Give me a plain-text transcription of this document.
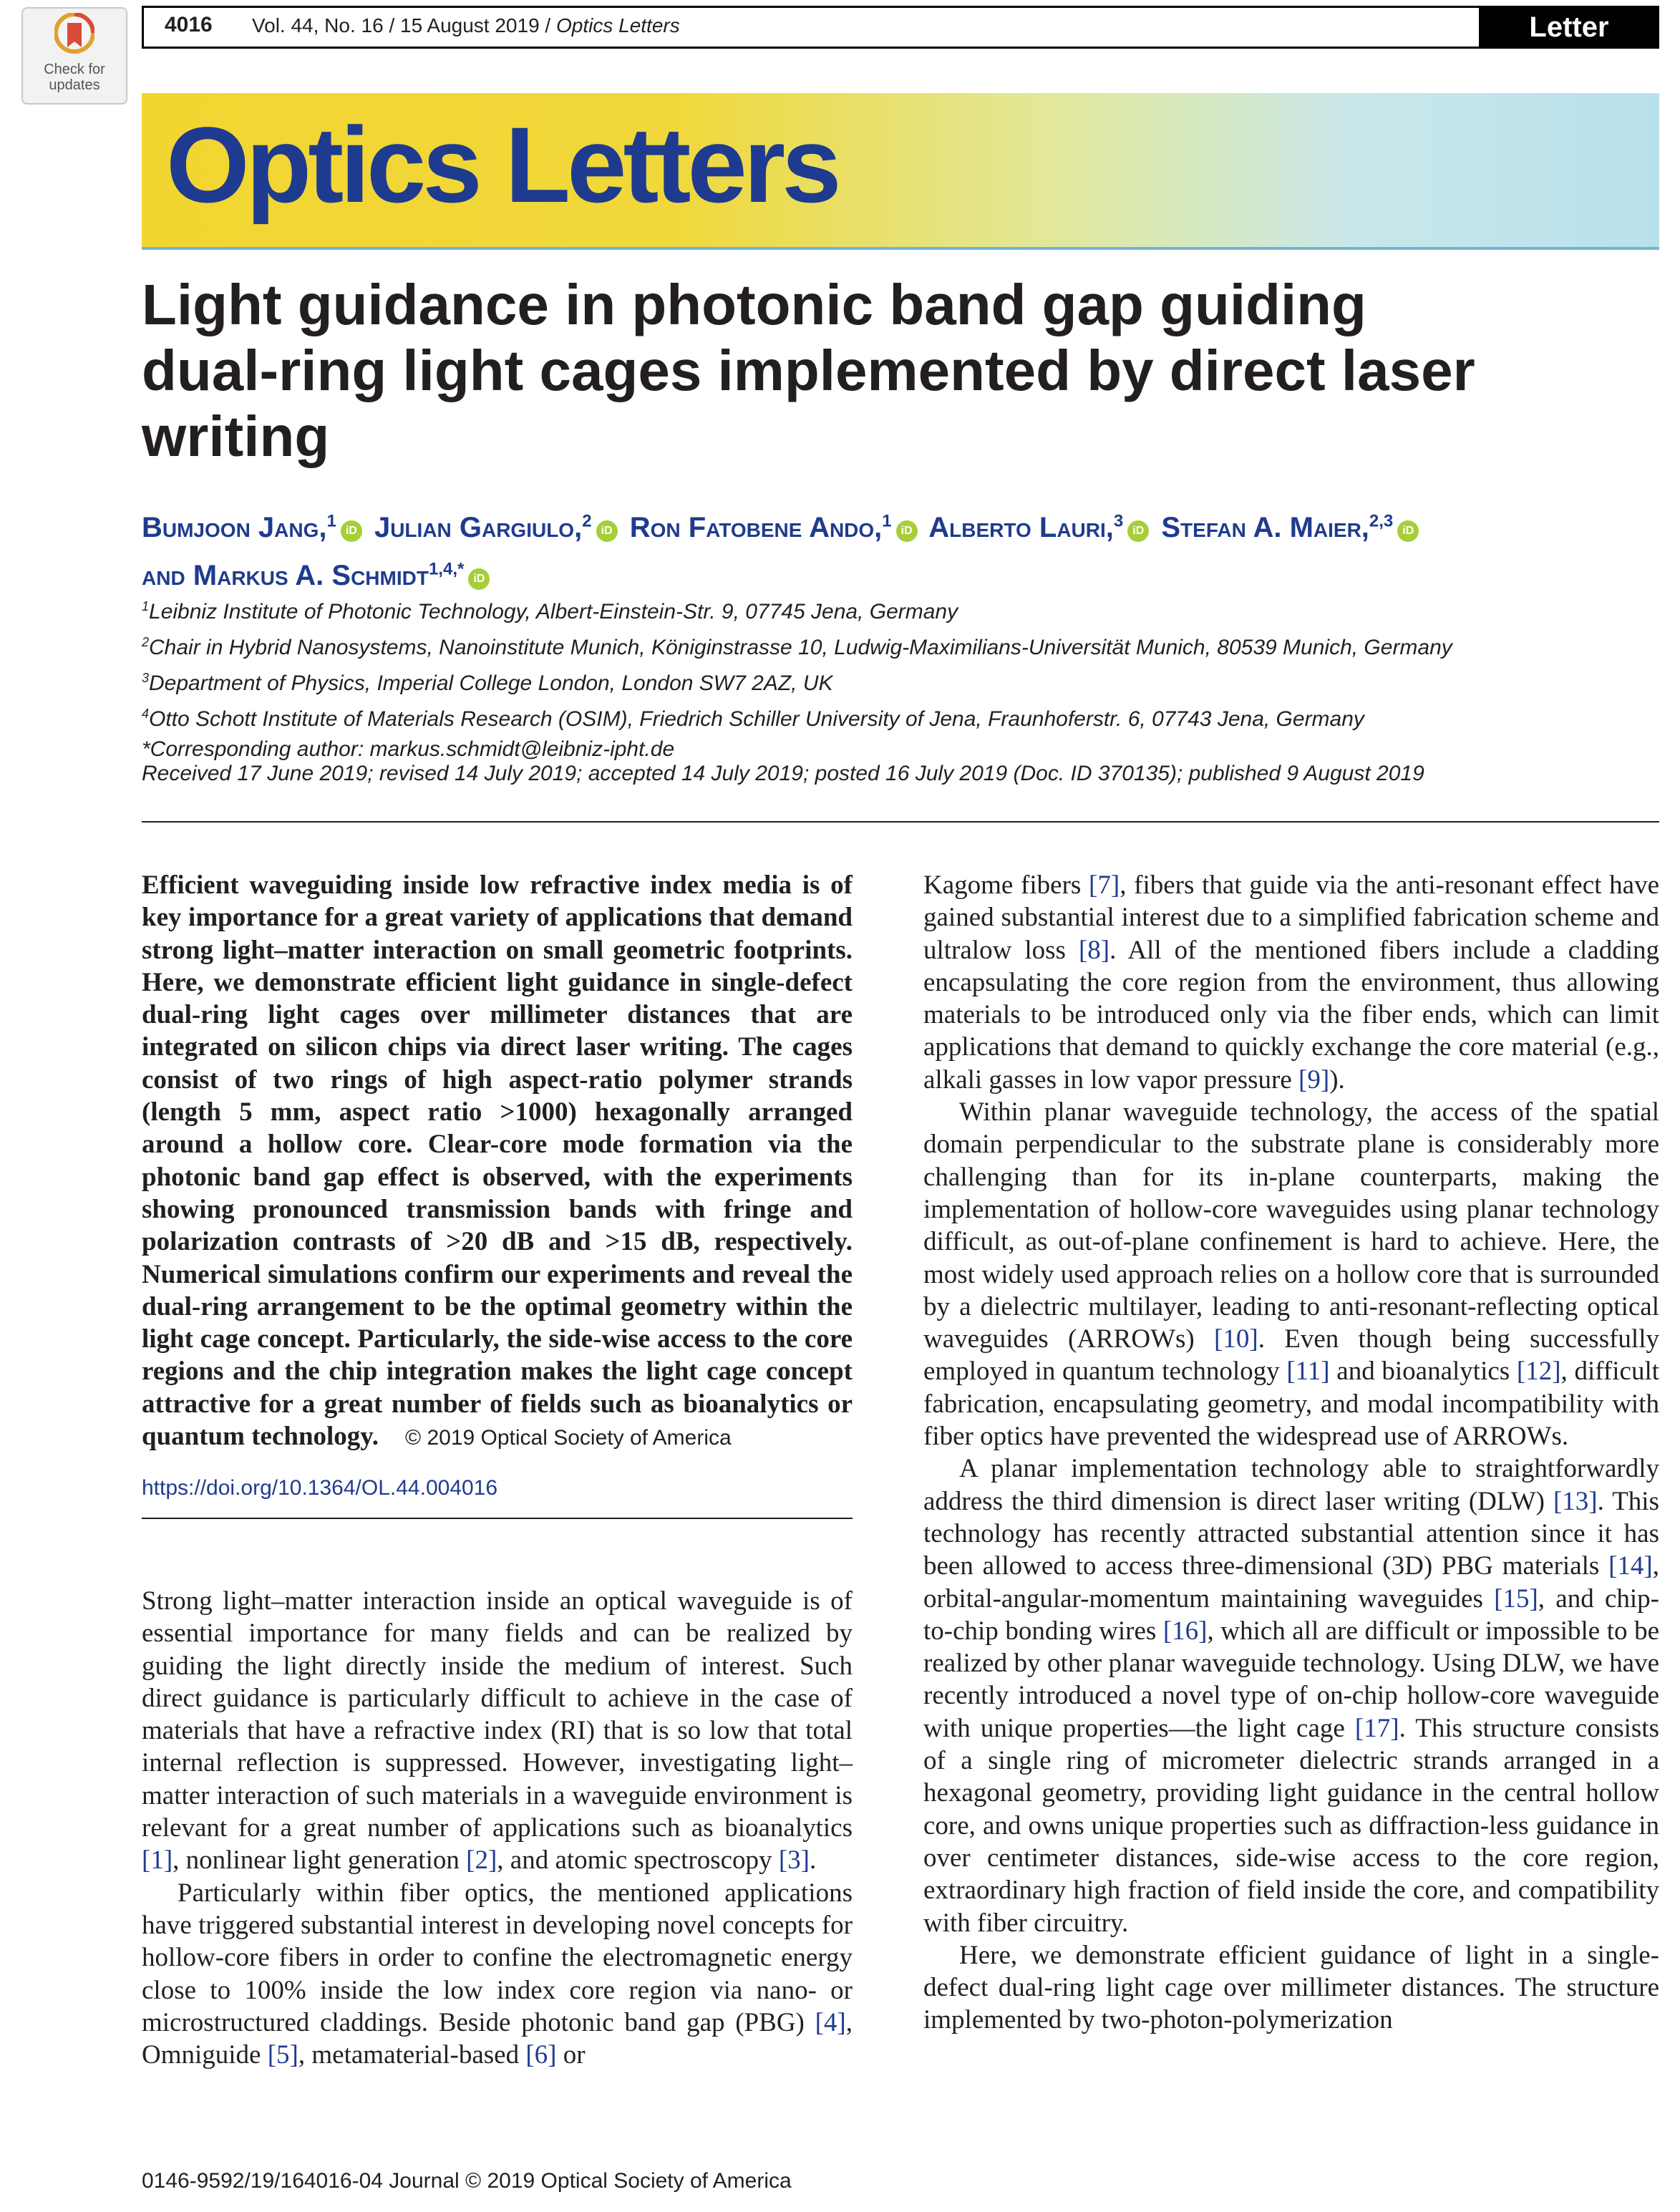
Check for
updates
4016 Vol. 44, No. 16 / 15 August 2019 / Optics Letters	Letter
Optics Letters
Light guidance in photonic band gap guiding dual-ring light cages implemented by direct laser writing
Bumjoon Jang,$^1$ iD Julian Gargiulo,$^2$ iD Ron Fatobene Ando,$^1$ iD Alberto Lauri,$^3$ iD Stefan A. Maier,$^{2,3}$ iD
and Markus A. Schmidt$^{1,4,*}$ iD
$^1$Leibniz Institute of Photonic Technology, Albert-Einstein-Str. 9, 07745 Jena, Germany
$^2$Chair in Hybrid Nanosystems, Nanoinstitute Munich, Königinstrasse 10, Ludwig-Maximilians-Universität Munich, 80539 Munich, Germany
$^3$Department of Physics, Imperial College London, London SW7 2AZ, UK
$^4$Otto Schott Institute of Materials Research (OSIM), Friedrich Schiller University of Jena, Fraunhoferstr. 6, 07743 Jena, Germany
*Corresponding author: markus.schmidt@leibniz-ipht.de
Received 17 June 2019; revised 14 July 2019; accepted 14 July 2019; posted 16 July 2019 (Doc. ID 370135); published 9 August 2019
Efficient waveguiding inside low refractive index media is of key importance for a great variety of applications that demand strong light–matter interaction on small geometric footprints. Here, we demonstrate efficient light guidance in single-defect dual-ring light cages over millimeter distances that are integrated on silicon chips via direct laser writing. The cages consist of two rings of high aspect-ratio polymer strands (length 5 mm, aspect ratio >1000) hexagonally arranged around a hollow core. Clear-core mode formation via the photonic band gap effect is observed, with the experiments showing pronounced transmission bands with fringe and polarization contrasts of >20 dB and >15 dB, respectively. Numerical simulations confirm our experiments and reveal the dual-ring arrangement to be the optimal geometry within the light cage concept. Particularly, the side-wise access to the core regions and the chip integration makes the light cage concept attractive for a great number of fields such as bioanalytics or quantum technology. © 2019 Optical Society of America
https://doi.org/10.1364/OL.44.004016

Strong light–matter interaction inside an optical waveguide is of essential importance for many fields and can be realized by guiding the light directly inside the medium of interest. Such direct guidance is particularly difficult to achieve in the case of materials that have a refractive index (RI) that is so low that total internal reflection is suppressed. However, investigating light–matter interaction of such materials in a waveguide environment is relevant for a great number of applications such as bioanalytics [1], nonlinear light generation [2], and atomic spectroscopy [3].

Particularly within fiber optics, the mentioned applications have triggered substantial interest in developing novel concepts for hollow-core fibers in order to confine the electromagnetic energy close to 100% inside the low index core region via nano- or microstructured claddings. Beside photonic band gap (PBG) [4], Omniguide [5], metamaterial-based [6] or

Kagome fibers [7], fibers that guide via the anti-resonant effect have gained substantial interest due to a simplified fabrication scheme and ultralow loss [8]. All of the mentioned fibers include a cladding encapsulating the core region from the environment, thus allowing materials to be introduced only via the fiber ends, which can limit applications that demand to quickly exchange the core material (e.g., alkali gasses in low vapor pressure [9]).

Within planar waveguide technology, the access of the spatial domain perpendicular to the substrate plane is considerably more challenging than for its in-plane counterparts, making the implementation of hollow-core waveguides using planar technology difficult, as out-of-plane confinement is hard to achieve. Here, the most widely used approach relies on a hollow core that is surrounded by a dielectric multilayer, leading to anti-resonant-reflecting optical waveguides (ARROWs) [10]. Even though being successfully employed in quantum technology [11] and bioanalytics [12], difficult fabrication, encapsulating geometry, and modal incompatibility with fiber optics have prevented the widespread use of ARROWs.

A planar implementation technology able to straightforwardly address the third dimension is direct laser writing (DLW) [13]. This technology has recently attracted substantial attention since it has been allowed to access three-dimensional (3D) PBG materials [14], orbital-angular-momentum maintaining waveguides [15], and chip-to-chip bonding wires [16], which all are difficult or impossible to be realized by other planar waveguide technology. Using DLW, we have recently introduced a novel type of on-chip hollow-core waveguide with unique properties—the light cage [17]. This structure consists of a single ring of micrometer dielectric strands arranged in a hexagonal geometry, providing light guidance in the central hollow core, and owns unique properties such as diffraction-less guidance in over centimeter distances, side-wise access to the core region, extraordinary high fraction of field inside the core, and compatibility with fiber circuitry.

Here, we demonstrate efficient guidance of light in a single-defect dual-ring light cage over millimeter distances. The structure implemented by two-photon-polymerization

0146-9592/19/164016-04 Journal © 2019 Optical Society of America
